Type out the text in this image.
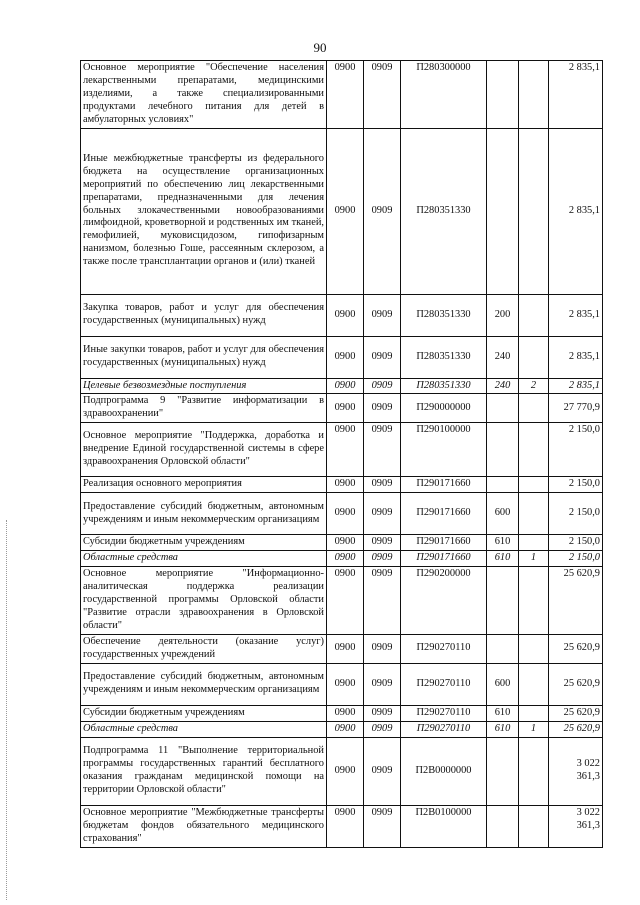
90
Основное мероприятие "Обеспечение населения лекарственными препаратами, медицинскими изделиями, а также специализированными продуктами лечебного питания для детей в амбулаторных условиях"	0900	0909	П280300000			2 835,1
Иные межбюджетные трансферты из федерального бюджета на осуществление организационных мероприятий по обеспечению лиц лекарственными препаратами, предназначенными для лечения больных злокачественными новообразованиями лимфоидной, кроветворной и родственных им тканей, гемофилией, муковисцидозом, гипофизарным нанизмом, болезнью Гоше, рассеянным склерозом, а также после трансплантации органов и (или) тканей	0900	0909	П280351330			2 835,1
Закупка товаров, работ и услуг для обеспечения государственных (муниципальных) нужд	0900	0909	П280351330	200		2 835,1
Иные закупки товаров, работ и услуг для обеспечения государственных (муниципальных) нужд	0900	0909	П280351330	240		2 835,1
Целевые безвозмездные поступления	0900	0909	П280351330	240	2	2 835,1
Подпрограмма 9 "Развитие информатизации в здравоохранении"	0900	0909	П290000000			27 770,9
Основное мероприятие "Поддержка, доработка и внедрение Единой государственной системы в сфере здравоохранения Орловской области"	0900	0909	П290100000			2 150,0
Реализация основного мероприятия	0900	0909	П290171660			2 150,0
Предоставление субсидий бюджетным, автономным учреждениям и иным некоммерческим организациям	0900	0909	П290171660	600		2 150,0
Субсидии бюджетным учреждениям	0900	0909	П290171660	610		2 150,0
Областные средства	0900	0909	П290171660	610	1	2 150,0
Основное мероприятие "Информационно-аналитическая поддержка реализации государственной программы Орловской области "Развитие отрасли здравоохранения в Орловской области"	0900	0909	П290200000			25 620,9
Обеспечение деятельности (оказание услуг) государственных учреждений	0900	0909	П290270110			25 620,9
Предоставление субсидий бюджетным, автономным учреждениям и иным некоммерческим организациям	0900	0909	П290270110	600		25 620,9
Субсидии бюджетным учреждениям	0900	0909	П290270110	610		25 620,9
Областные средства	0900	0909	П290270110	610	1	25 620,9
Подпрограмма 11 "Выполнение территориальной программы государственных гарантий бесплатного оказания гражданам медицинской помощи на территории Орловской области"	0900	0909	П2В0000000			3 022 361,3
Основное мероприятие "Межбюджетные трансферты бюджетам фондов обязательного медицинского страхования"	0900	0909	П2В0100000			3 022 361,3
